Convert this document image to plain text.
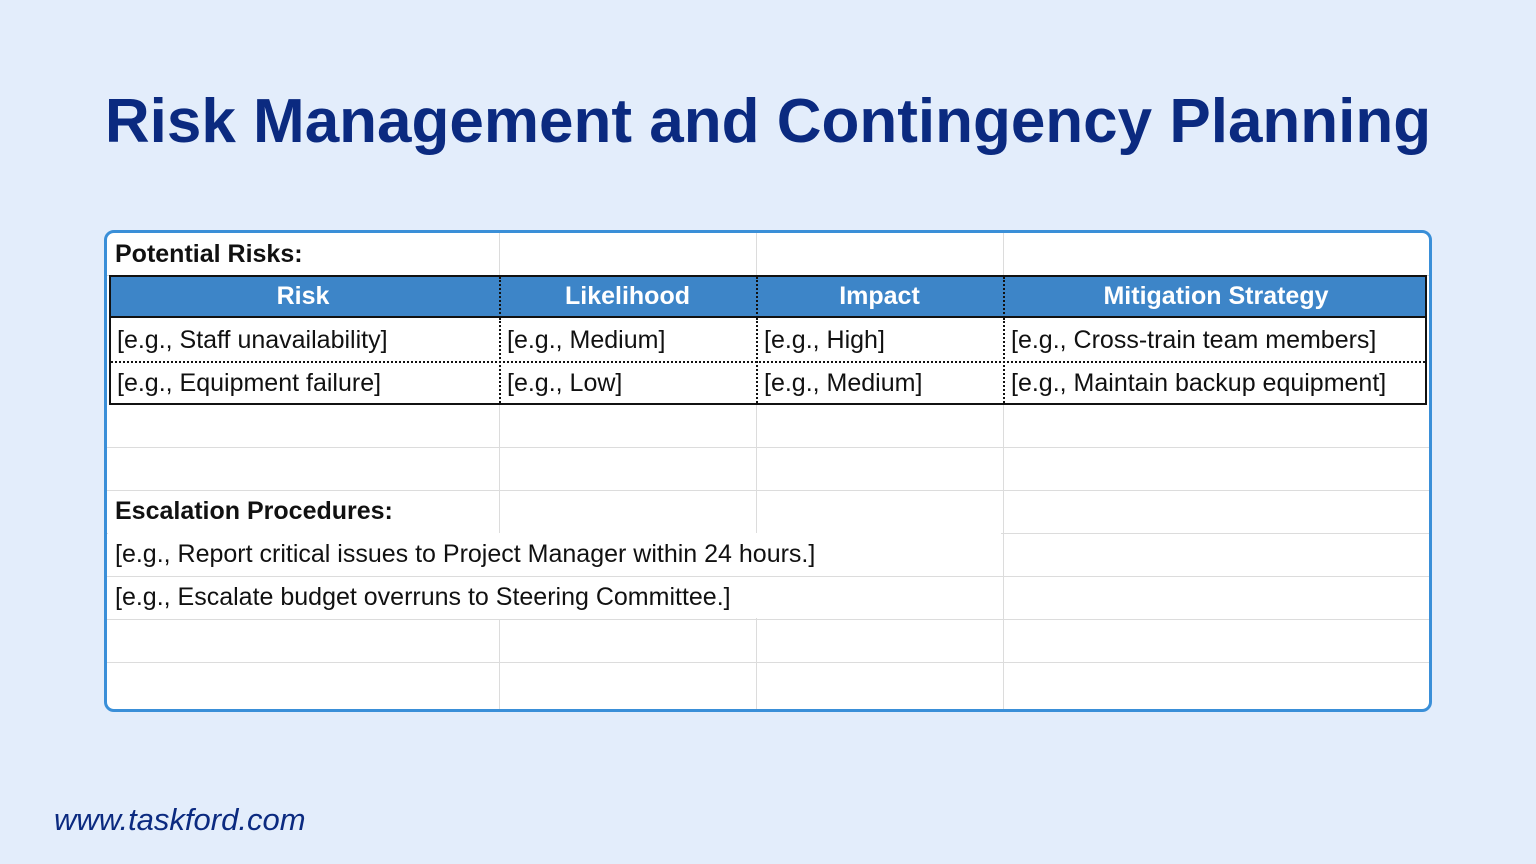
Risk Management and Contingency Planning
Potential Risks:
Risk	Likelihood	Impact	Mitigation Strategy
[e.g., Staff unavailability]	[e.g., Medium]	[e.g., High]	[e.g., Cross-train team members]
[e.g., Equipment failure]	[e.g., Low]	[e.g., Medium]	[e.g., Maintain backup equipment]
Escalation Procedures:
[e.g., Report critical issues to Project Manager within 24 hours.]
[e.g., Escalate budget overruns to Steering Committee.]
www.taskford.com
